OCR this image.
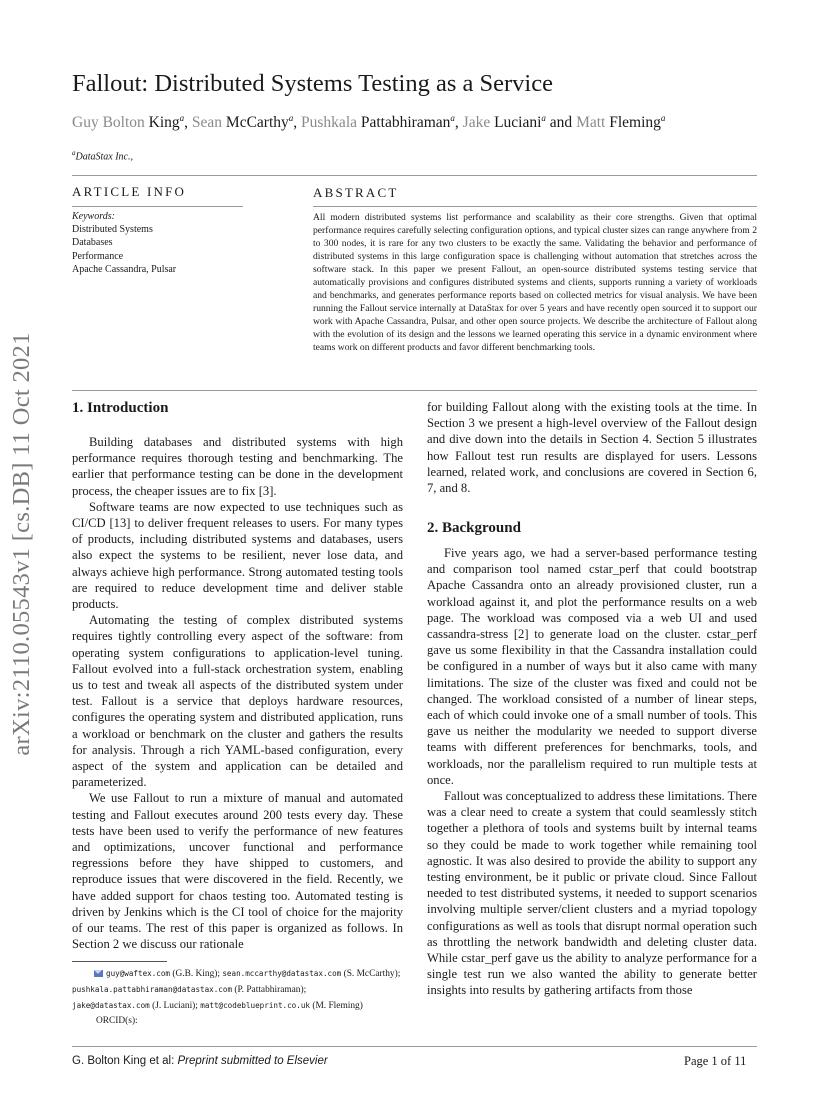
Fallout: Distributed Systems Testing as a Service
Guy Bolton King$^a$, Sean McCarthy$^a$, Pushkala Pattabhiraman$^a$, Jake Luciani$^a$ and Matt Fleming$^a$
$^a$DataStax Inc.,
ARTICLE INFO
Keywords:
Distributed Systems
Databases
Performance
Apache Cassandra, Pulsar
ABSTRACT
All modern distributed systems list performance and scalability as their core strengths. Given that optimal performance requires carefully selecting configuration options, and typical cluster sizes can range anywhere from 2 to 300 nodes, it is rare for any two clusters to be exactly the same. Validating the behavior and performance of distributed systems in this large configuration space is challenging without automation that stretches across the software stack. In this paper we present Fallout, an open-source distributed systems testing service that automatically provisions and configures distributed systems and clients, supports running a variety of workloads and benchmarks, and generates performance reports based on collected metrics for visual analysis. We have been running the Fallout service internally at DataStax for over 5 years and have recently open sourced it to support our work with Apache Cassandra, Pulsar, and other open source projects. We describe the architecture of Fallout along with the evolution of its design and the lessons we learned operating this service in a dynamic environment where teams work on different products and favor different benchmarking tools.
arXiv:2110.05543v1 [cs.DB] 11 Oct 2021 1. Introduction

Building databases and distributed systems with high performance requires thorough testing and benchmarking. The earlier that performance testing can be done in the development process, the cheaper issues are to fix [3].

Software teams are now expected to use techniques such as CI/CD [13] to deliver frequent releases to users. For many types of products, including distributed systems and databases, users also expect the systems to be resilient, never lose data, and always achieve high performance. Strong automated testing tools are required to reduce development time and deliver stable products.

Automating the testing of complex distributed systems requires tightly controlling every aspect of the software: from operating system configurations to application-level tuning. Fallout evolved into a full-stack orchestration system, enabling us to test and tweak all aspects of the distributed system under test. Fallout is a service that deploys hardware resources, configures the operating system and distributed application, runs a workload or benchmark on the cluster and gathers the results for analysis. Through a rich YAML-based configuration, every aspect of the system and application can be detailed and parameterized.

We use Fallout to run a mixture of manual and automated testing and Fallout executes around 200 tests every day. These tests have been used to verify the performance of new features and optimizations, uncover functional and performance regressions before they have shipped to customers, and reproduce issues that were discovered in the field. Recently, we have added support for chaos testing too. Automated testing is driven by Jenkins which is the CI tool of choice for the majority of our teams. The rest of this paper is organized as follows. In Section 2 we discuss our rationale

for building Fallout along with the existing tools at the time. In Section 3 we present a high-level overview of the Fallout design and dive down into the details in Section 4. Section 5 illustrates how Fallout test run results are displayed for users. Lessons learned, related work, and conclusions are covered in Section 6, 7, and 8.

2. Background

Five years ago, we had a server-based performance testing and comparison tool named cstar_perf that could bootstrap Apache Cassandra onto an already provisioned cluster, run a workload against it, and plot the performance results on a web page. The workload was composed via a web UI and used cassandra-stress [2] to generate load on the cluster. cstar_perf gave us some flexibility in that the Cassandra installation could be configured in a number of ways but it also came with many limitations. The size of the cluster was fixed and could not be changed. The workload consisted of a number of linear steps, each of which could invoke one of a small number of tools. This gave us neither the modularity we needed to support diverse teams with different preferences for benchmarks, tools, and workloads, nor the parallelism required to run multiple tests at once.

Fallout was conceptualized to address these limitations. There was a clear need to create a system that could seamlessly stitch together a plethora of tools and systems built by internal teams so they could be made to work together while remaining tool agnostic. It was also desired to provide the ability to support any testing environment, be it public or private cloud. Since Fallout needed to test distributed systems, it needed to support scenarios involving multiple server/client clusters and a myriad topology configurations as well as tools that disrupt normal operation such as throttling the network bandwidth and deleting cluster data. While cstar_perf gave us the ability to analyze performance for a single test run we also wanted the ability to generate better insights into results by gathering artifacts from those

guy@waftex.com (G.B. King); sean.mccarthy@datastax.com (S. McCarthy); pushkala.pattabhiraman@datastax.com (P. Pattabhiraman);
jake@datastax.com (J. Luciani); matt@codeblueprint.co.uk (M. Fleming)
ORCID(s):
G. Bolton King et al: Preprint submitted to Elsevier	Page 1 of 11
